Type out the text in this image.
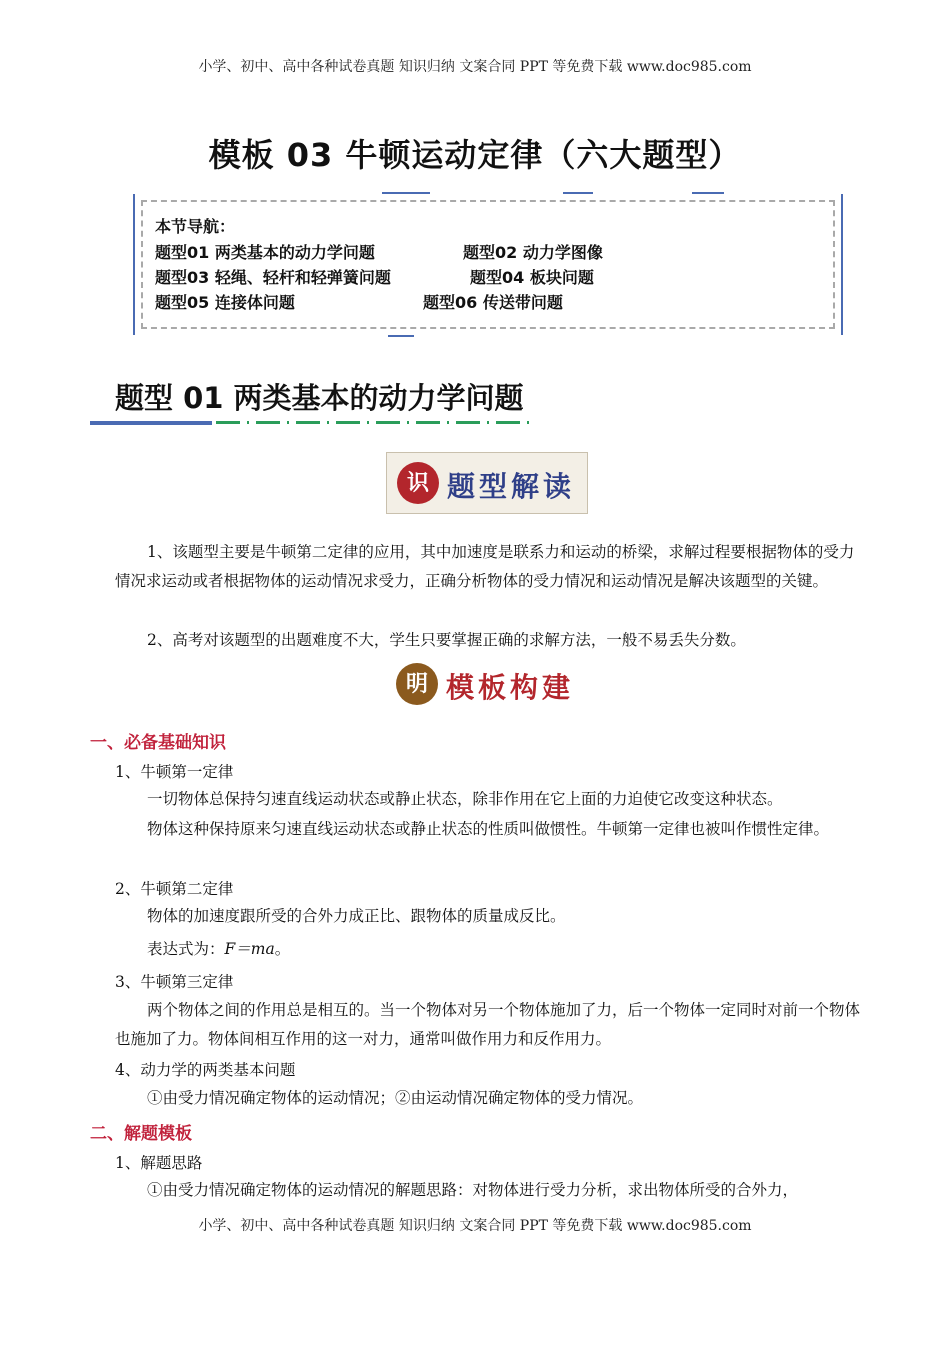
小学、初中、高中各种试卷真题 知识归纳 文案合同 PPT 等免费下载 www.doc985.com
模板 03 牛顿运动定律（六大题型）
本节导航：
题型01 两类基本的动力学问题	题型02 动力学图像
题型03 轻绳、轻杆和轻弹簧问题	题型04 板块问题
题型05 连接体问题	题型06 传送带问题
题型 01 两类基本的动力学问题
识 题型解读
1、该题型主要是牛顿第二定律的应用，其中加速度是联系力和运动的桥梁，求解过程要根据物体的受力情况求运动或者根据物体的运动情况求受力，正确分析物体的受力情况和运动情况是解决该题型的关键。
2、高考对该题型的出题难度不大，学生只要掌握正确的求解方法，一般不易丢失分数。
明 模板构建
一、必备基础知识
1、牛顿第一定律
一切物体总保持匀速直线运动状态或静止状态，除非作用在它上面的力迫使它改变这种状态。
物体这种保持原来匀速直线运动状态或静止状态的性质叫做惯性。牛顿第一定律也被叫作惯性定律。
2、牛顿第二定律
物体的加速度跟所受的合外力成正比、跟物体的质量成反比。
表达式为：F＝ma。
3、牛顿第三定律
两个物体之间的作用总是相互的。当一个物体对另一个物体施加了力，后一个物体一定同时对前一个物体也施加了力。物体间相互作用的这一对力，通常叫做作用力和反作用力。
4、动力学的两类基本问题
①由受力情况确定物体的运动情况；②由运动情况确定物体的受力情况。
二、解题模板
1、解题思路
①由受力情况确定物体的运动情况的解题思路：对物体进行受力分析，求出物体所受的合外力，
小学、初中、高中各种试卷真题 知识归纳 文案合同 PPT 等免费下载 www.doc985.com
